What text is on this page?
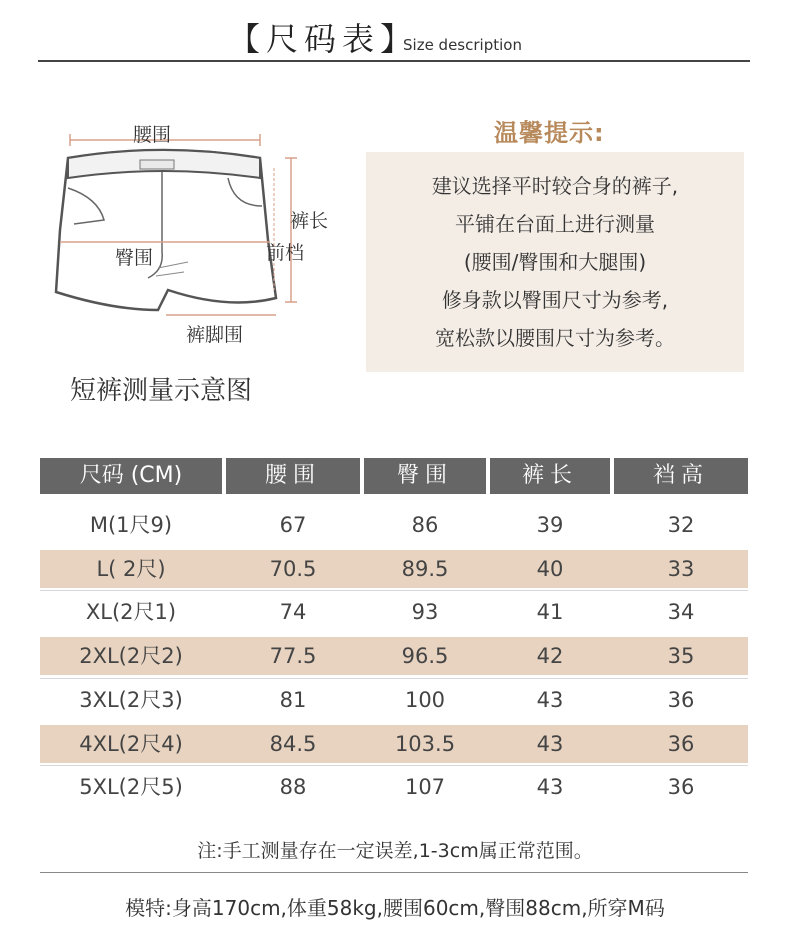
【尺码表】
Size description
腰围
裤长
前档
臀围
裤脚围
短裤测量示意图
温馨提示:
建议选择平时较合身的裤子,
平铺在台面上进行测量
(腰围/臀围和大腿围)
修身款以臀围尺寸为参考,
宽松款以腰围尺寸为参考。
尺码 (CM)	腰围	臀围	裤长	裆高
M(1尺9)	67	86	39	32
L( 2尺)	70.5	89.5	40	33
XL(2尺1)	74	93	41	34
2XL(2尺2)	77.5	96.5	42	35
3XL(2尺3)	81	100	43	36
4XL(2尺4)	84.5	103.5	43	36
5XL(2尺5)	88	107	43	36
注:手工测量存在一定误差,1-3cm属正常范围。
模特:身高170cm,体重58kg,腰围60cm,臀围88cm,所穿M码
